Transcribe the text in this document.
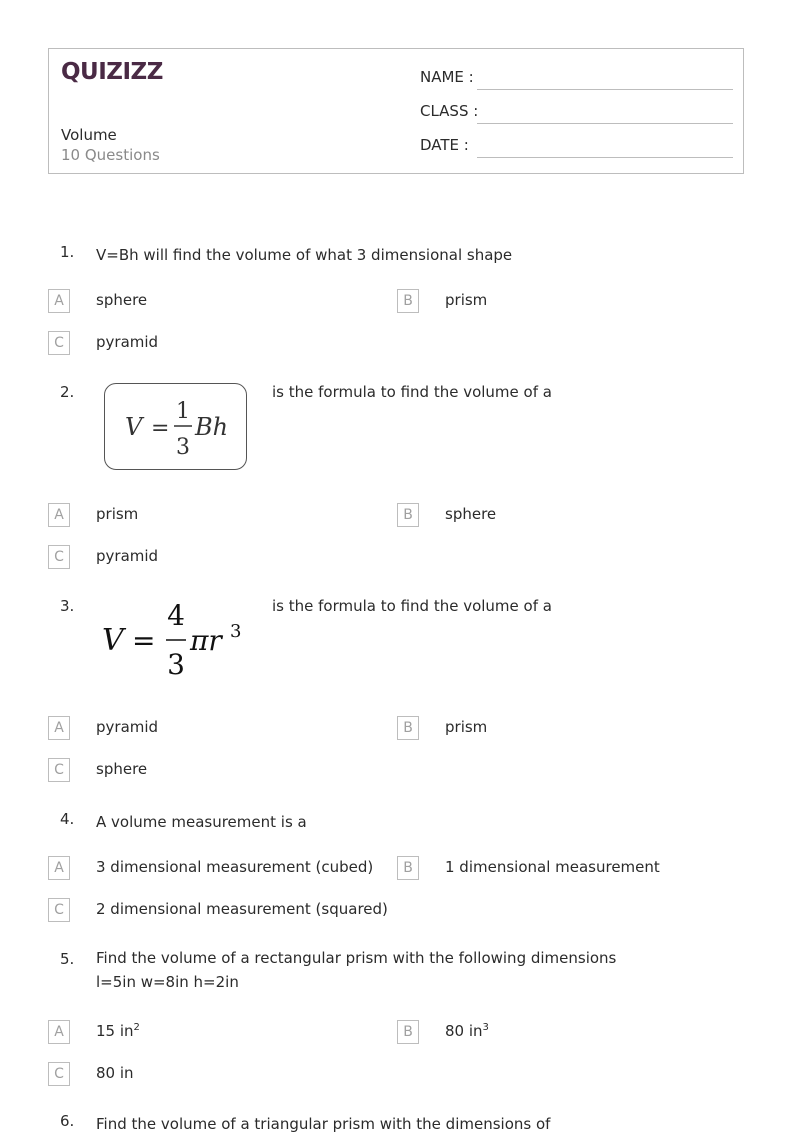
QUIZIZZ
Volume
10 Questions
NAME :
CLASS :
DATE :
1. V=Bh will find the volume of what 3 dimensional shape
A	sphere	B	prism
C	pyramid
2.
V =
1
3
Bh
is the formula to find the volume of a
A	prism	B	sphere
C	pyramid
3.
V =
4
3
πr 3
is the formula to find the volume of a
A	pyramid	B	prism
C	sphere
4. A volume measurement is a
A	3 dimensional measurement (cubed)	B	1 dimensional measurement
C	2 dimensional measurement (squared)
5. Find the volume of a rectangular prism with the following dimensions
l=5in w=8in h=2in
A	15 $in^2$	B	80 $in^3$
C	80 in
6. Find the volume of a triangular prism with the dimensions of
